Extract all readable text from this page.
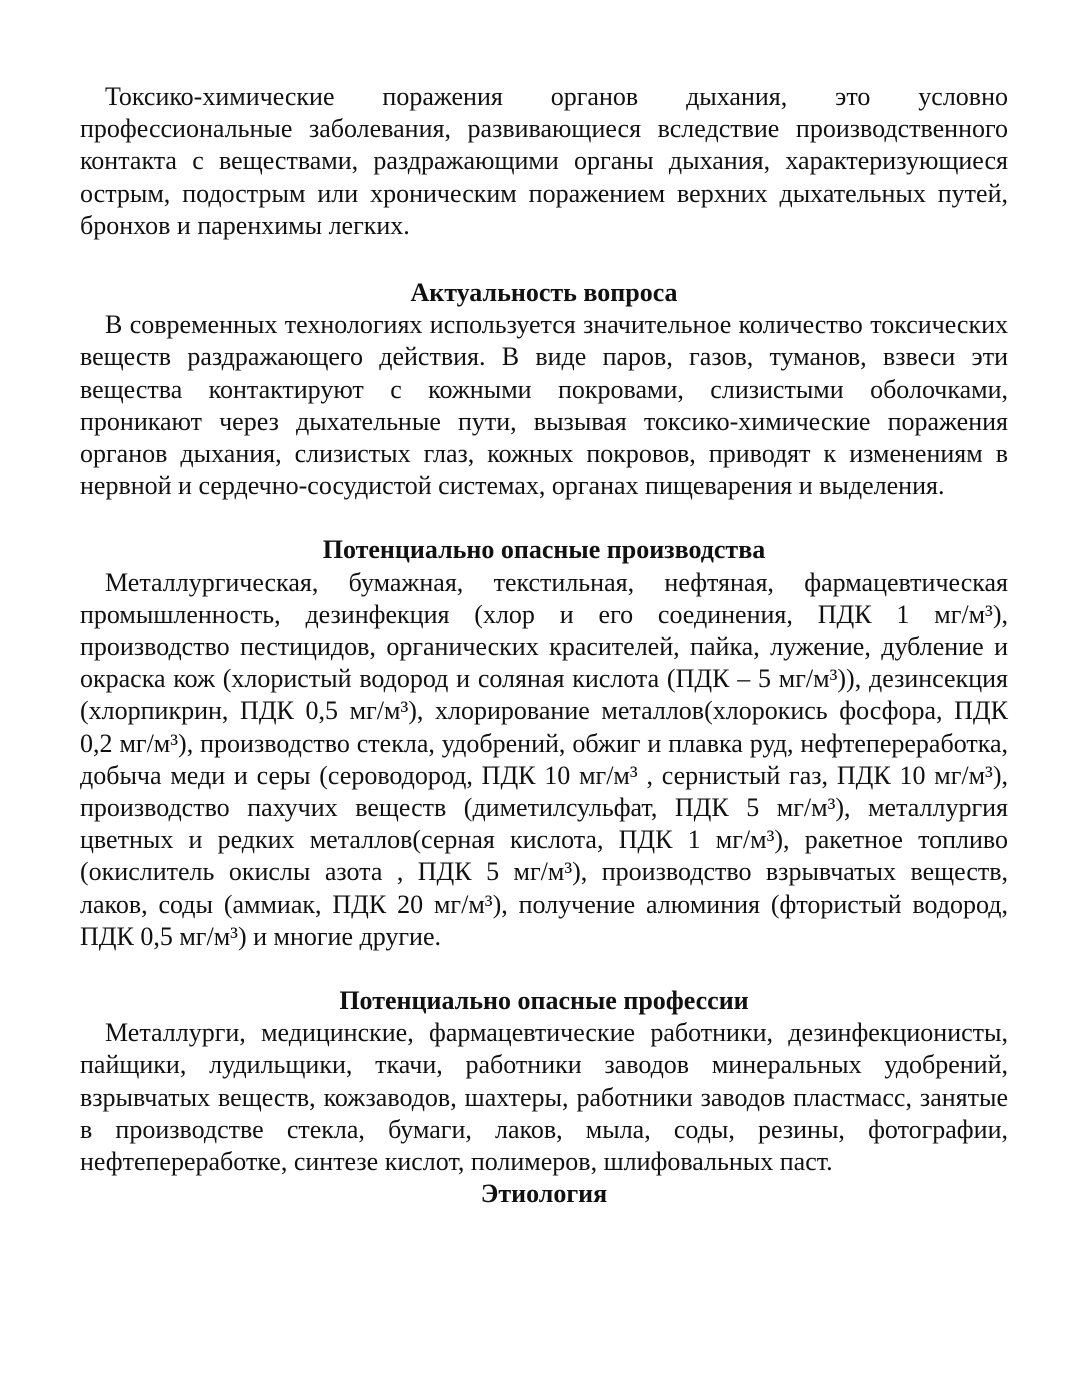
Токсико-химические поражения органов дыхания, это условно профессиональные заболевания, развивающиеся вследствие производственного контакта с веществами, раздражающими органы дыхания, характеризующиеся острым, подострым или хроническим поражением верхних дыхательных путей, бронхов и паренхимы легких.

Актуальность вопроса

В современных технологиях используется значительное количество токсических веществ раздражающего действия. В виде паров, газов, туманов, взвеси эти вещества контактируют с кожными покровами, слизистыми оболочками, проникают через дыхательные пути, вызывая токсико-химические поражения органов дыхания, слизистых глаз, кожных покровов, приводят к изменениям в нервной и сердечно-сосудистой системах, органах пищеварения и выделения.

Потенциально опасные производства

Металлургическая, бумажная, текстильная, нефтяная, фармацевтическая промышленность, дезинфекция (хлор и его соединения, ПДК 1 мг/м³), производство пестицидов, органических красителей, пайка, лужение, дубление и окраска кож (хлористый водород и соляная кислота (ПДК – 5 мг/м³)), дезинсекция (хлорпикрин, ПДК 0,5 мг/м³), хлорирование металлов(хлорокись фосфора, ПДК 0,2 мг/м³), производство стекла, удобрений, обжиг и плавка руд, нефтепереработка, добыча меди и серы (сероводород, ПДК 10 мг/м³ , сернистый газ, ПДК 10 мг/м³), производство пахучих веществ (диметилсульфат, ПДК 5 мг/м³), металлургия цветных и редких металлов(серная кислота, ПДК 1 мг/м³), ракетное топливо (окислитель окислы азота , ПДК 5 мг/м³), производство взрывчатых веществ, лаков, соды (аммиак, ПДК 20 мг/м³), получение алюминия (фтористый водород, ПДК 0,5 мг/м³) и многие другие.

Потенциально опасные профессии

Металлурги, медицинские, фармацевтические работники, дезинфекционисты, пайщики, лудильщики, ткачи, работники заводов минеральных удобрений, взрывчатых веществ, кожзаводов, шахтеры, работники заводов пластмасс, занятые в производстве стекла, бумаги, лаков, мыла, соды, резины, фотографии, нефтепереработке, синтезе кислот, полимеров, шлифовальных паст.

Этиология
